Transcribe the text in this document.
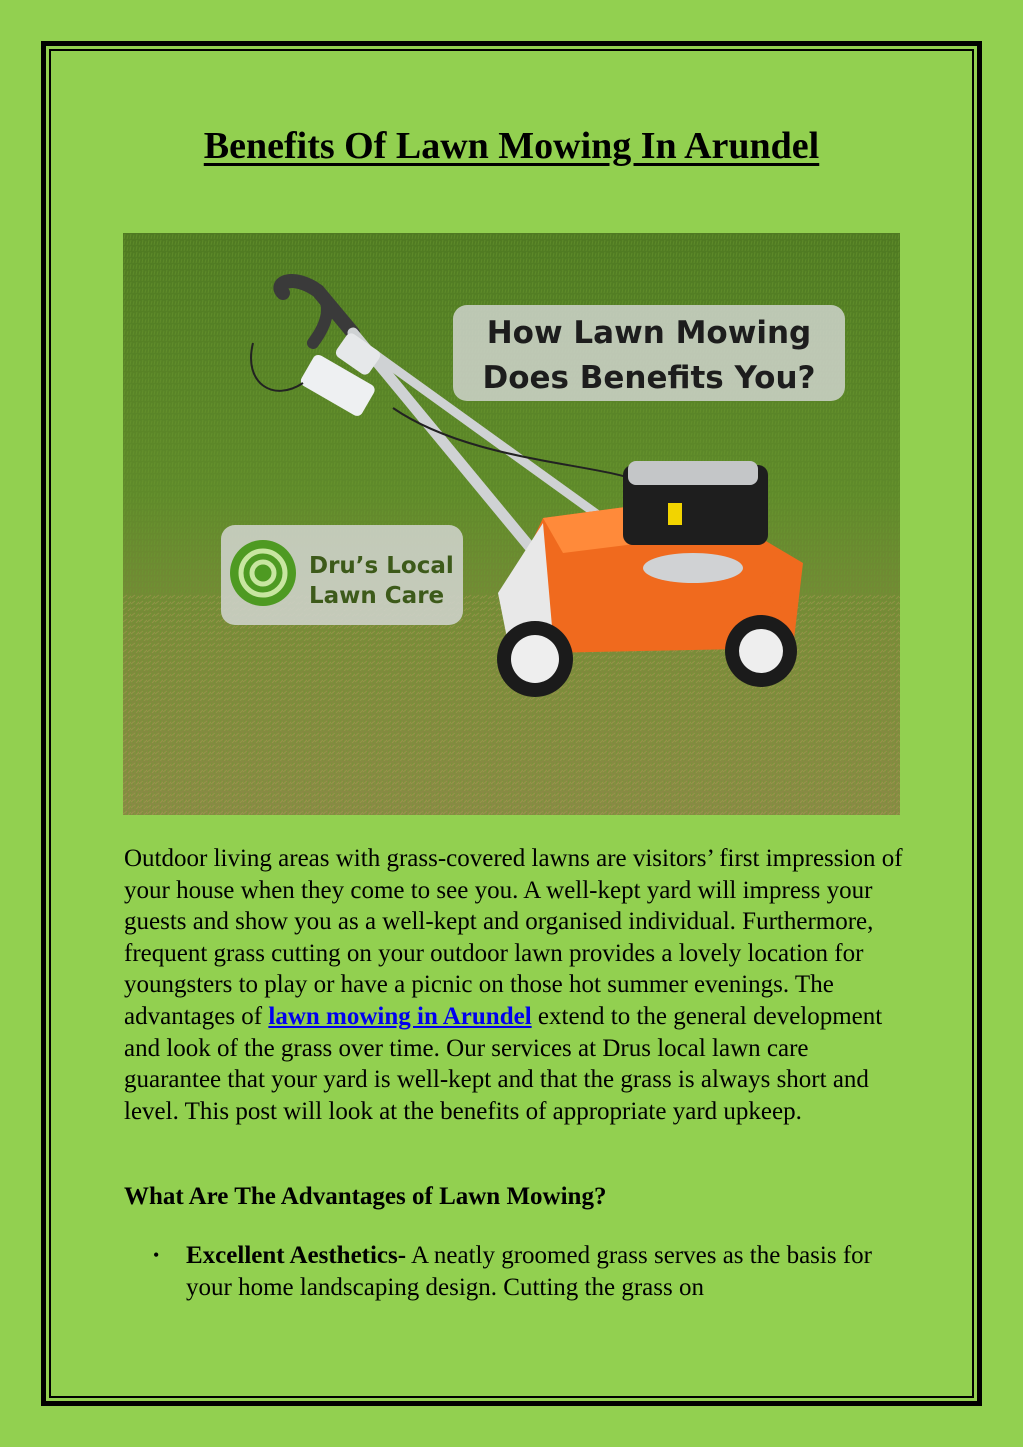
Benefits Of Lawn Mowing In Arundel
How Lawn Mowing
Does Benefits You?
Dru’s Local
Lawn Care

Outdoor living areas with grass-covered lawns are visitors’ first impression of your house when they come to see you. A well-kept yard will impress your guests and show you as a well-kept and organised individual. Furthermore, frequent grass cutting on your outdoor lawn provides a lovely location for youngsters to play or have a picnic on those hot summer evenings. The advantages of lawn mowing in Arundel extend to the general development and look of the grass over time. Our services at Drus local lawn care guarantee that your yard is well-kept and that the grass is always short and level. This post will look at the benefits of appropriate yard upkeep.

What Are The Advantages of Lawn Mowing?
• Excellent Aesthetics- A neatly groomed grass serves as the basis for your home landscaping design. Cutting the grass on
